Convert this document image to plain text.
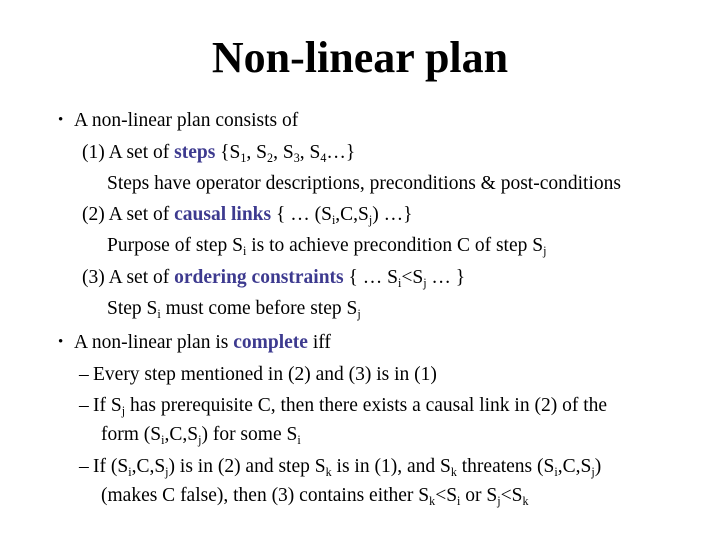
Non-linear plan
• A non-linear plan consists of
(1) A set of steps {$S_1$, $S_2$, $S_3$, $S_4\dots$}
Steps have operator descriptions, preconditions & post-conditions
(2) A set of causal links { … $(S_i,C,S_j)$ …}
Purpose of step $S_i$ is to achieve precondition C of step $S_j$
(3) A set of ordering constraints { … $S_i<S_j$ … }
Step $S_i$ must come before step $S_j$
• A non-linear plan is complete iff
– Every step mentioned in (2) and (3) is in (1)
– If $S_j$ has prerequisite C, then there exists a causal link in (2) of the
form $(S_i,C,S_j)$ for some $S_i$
– If $(S_i,C,S_j)$ is in (2) and step $S_k$ is in (1), and $S_k$ threatens $(S_i,C,S_j)$
(makes C false), then (3) contains either $S_k<S_i$ or $S_j<S_k$
